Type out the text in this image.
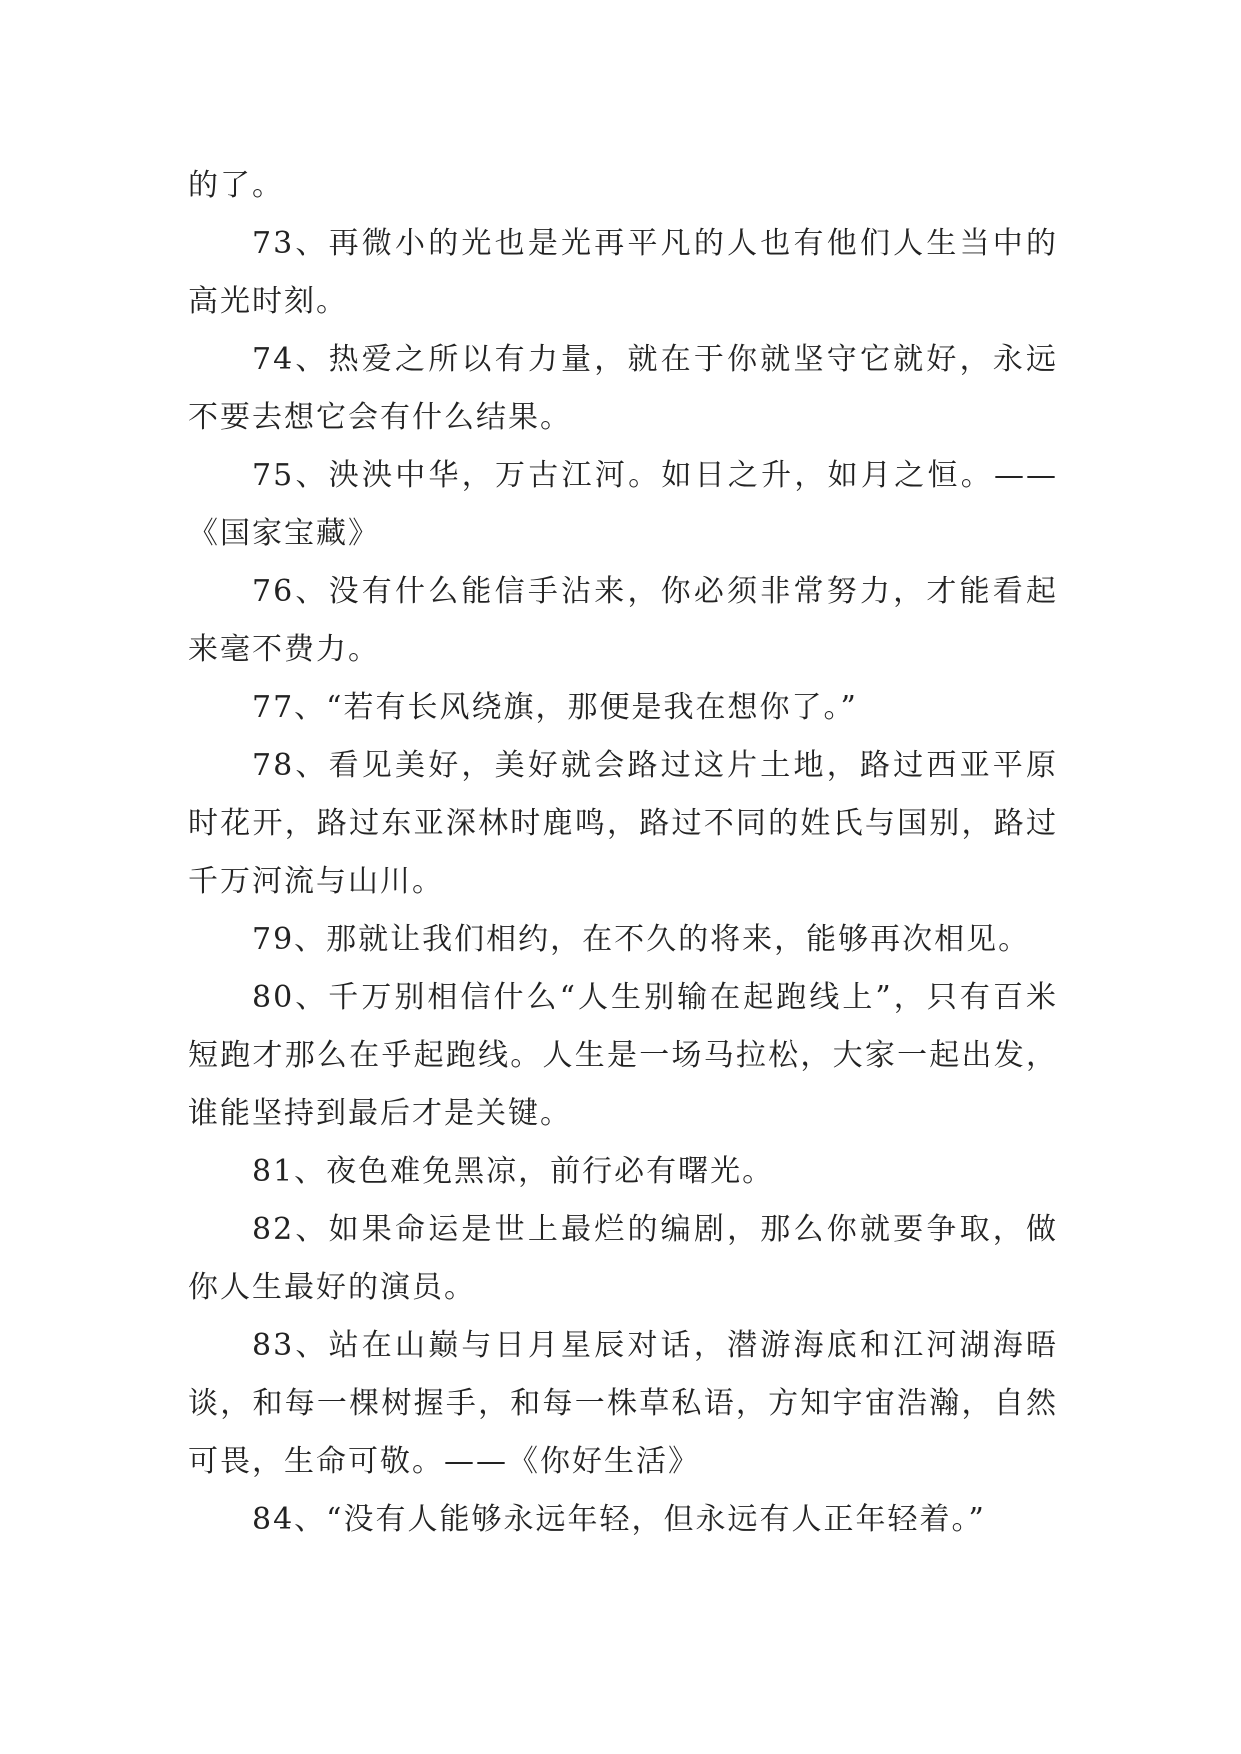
的了。

73、再微小的光也是光再平凡的人也有他们人生当中的高光时刻。

74、热爱之所以有力量，就在于你就坚守它就好，永远不要去想它会有什么结果。

75、泱泱中华，万古江河。如日之升，如月之恒。——《国家宝藏》

76、没有什么能信手沾来，你必须非常努力，才能看起来毫不费力。

77、“若有长风绕旗，那便是我在想你了。”

78、看见美好，美好就会路过这片土地，路过西亚平原时花开，路过东亚深林时鹿鸣，路过不同的姓氏与国别，路过千万河流与山川。

79、那就让我们相约，在不久的将来，能够再次相见。

80、千万别相信什么“人生别输在起跑线上”，只有百米短跑才那么在乎起跑线。人生是一场马拉松，大家一起出发，谁能坚持到最后才是关键。

81、夜色难免黑凉，前行必有曙光。

82、如果命运是世上最烂的编剧，那么你就要争取，做你人生最好的演员。

83、站在山巅与日月星辰对话，潜游海底和江河湖海晤谈，和每一棵树握手，和每一株草私语，方知宇宙浩瀚，自然可畏，生命可敬。——《你好生活》

84、“没有人能够永远年轻，但永远有人正年轻着。”
